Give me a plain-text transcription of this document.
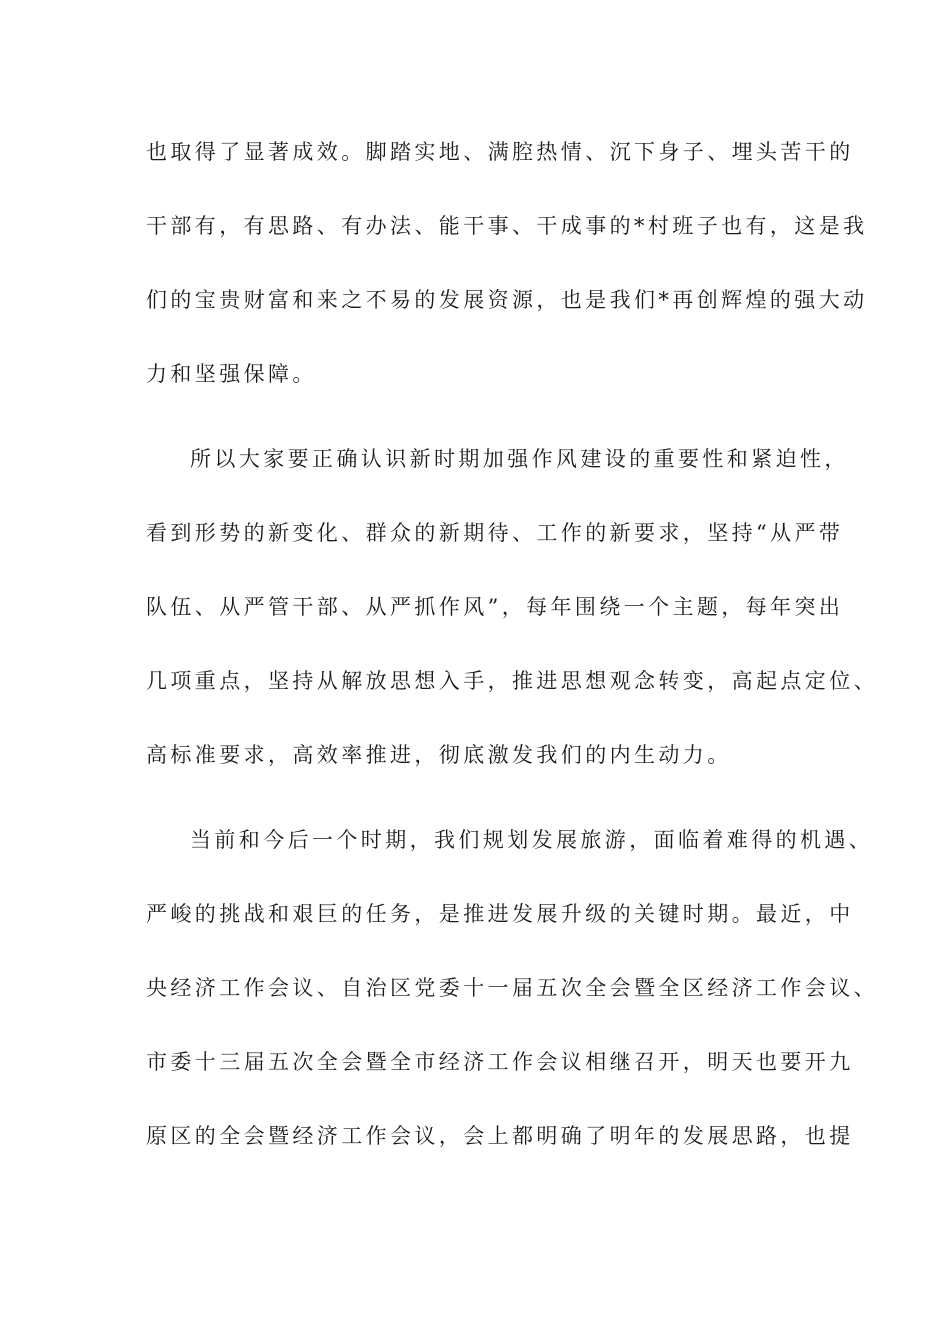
也取得了显著成效。脚踏实地、满腔热情、沉下身子、埋头苦干的
干部有，有思路、有办法、能干事、干成事的*村班子也有，这是我
们的宝贵财富和来之不易的发展资源，也是我们*再创辉煌的强大动
力和坚强保障。
所以大家要正确认识新时期加强作风建设的重要性和紧迫性，
看到形势的新变化、群众的新期待、工作的新要求，坚持“从严带
队伍、从严管干部、从严抓作风”，每年围绕一个主题，每年突出
几项重点，坚持从解放思想入手，推进思想观念转变，高起点定位、
高标准要求，高效率推进，彻底激发我们的内生动力。
当前和今后一个时期，我们规划发展旅游，面临着难得的机遇、
严峻的挑战和艰巨的任务，是推进发展升级的关键时期。最近，中
央经济工作会议、自治区党委十一届五次全会暨全区经济工作会议、
市委十三届五次全会暨全市经济工作会议相继召开，明天也要开九
原区的全会暨经济工作会议，会上都明确了明年的发展思路，也提
